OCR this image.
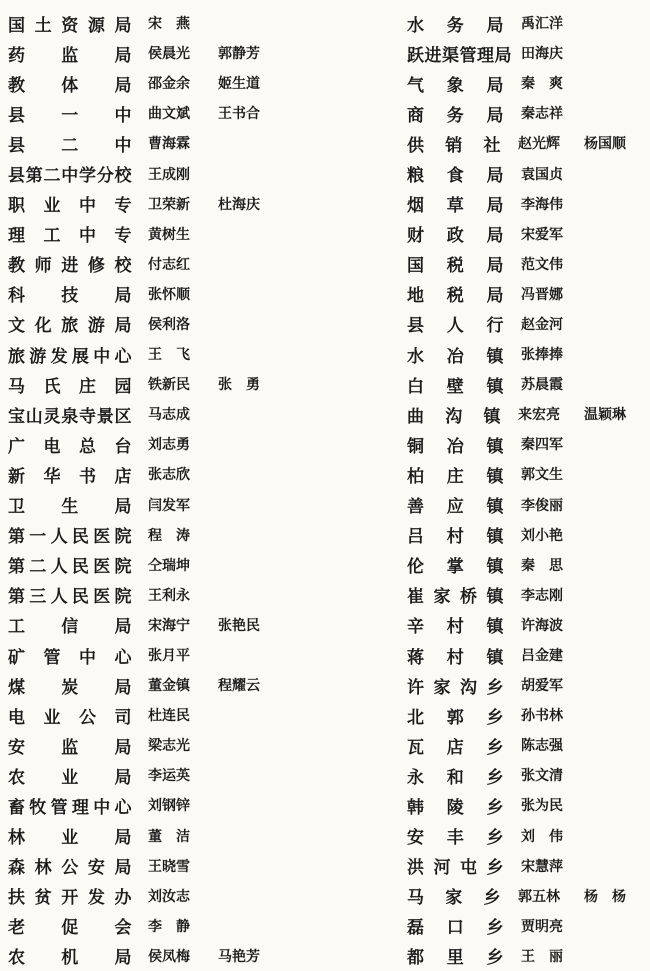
国土资源局 宋　燕
药　监　局 侯晨光	郭静芳
教　体　局 邵金余	姬生道
县　一　中 曲文斌	王书合
县　二　中 曹海霖
县第二中学分校 王成刚
职业中专 卫荣新	杜海庆
理工中专 黄树生
教师进修校 付志红
科　技　局 张怀顺
文化旅游局 侯利洛
旅游发展中心 王　飞
马氏庄园 铁新民	张　勇
宝山灵泉寺景区 马志成
广电总台 刘志勇
新华书店 张志欣
卫　生　局 闫发军
第一人民医院 程　涛
第二人民医院 仝瑞坤
第三人民医院 王利永
工　信　局 宋海宁	张艳民
矿管中心 张月平
煤　炭　局 董金镇	程耀云
电业公司 杜连民
安　监　局 梁志光
农　业　局 李运英
畜牧管理中心 刘钢锌
林　业　局 董　洁
森林公安局 王晓雪
扶贫开发办 刘汝志
老　促　会 李　静
农　机　局 侯凤梅	马艳芳
水　务　局 禹汇洋
跃进渠管理局 田海庆
气　象　局 秦　爽
商　务　局 秦志祥
供　销　社 赵光辉	杨国顺
粮　食　局 袁国贞
烟　草　局 李海伟
财　政　局 宋爱军
国　税　局 范文伟
地　税　局 冯晋娜
县　人　行 赵金河
水　冶　镇 张捧捧
白　壁　镇 苏晨霞
曲　沟　镇 来宏亮	温颖琳
铜　冶　镇 秦四军
柏　庄　镇 郭文生
善　应　镇 李俊丽
吕　村　镇 刘小艳
伦　掌　镇 秦　思
崔家桥镇 李志刚
辛　村　镇 许海波
蒋　村　镇 吕金建
许家沟乡 胡爱军
北　郭　乡 孙书林
瓦　店　乡 陈志强
永　和　乡 张文清
韩　陵　乡 张为民
安　丰　乡 刘　伟
洪河屯乡 宋慧萍
马　家　乡 郭五林	杨　杨
磊　口　乡 贾明亮
都　里　乡 王　丽
